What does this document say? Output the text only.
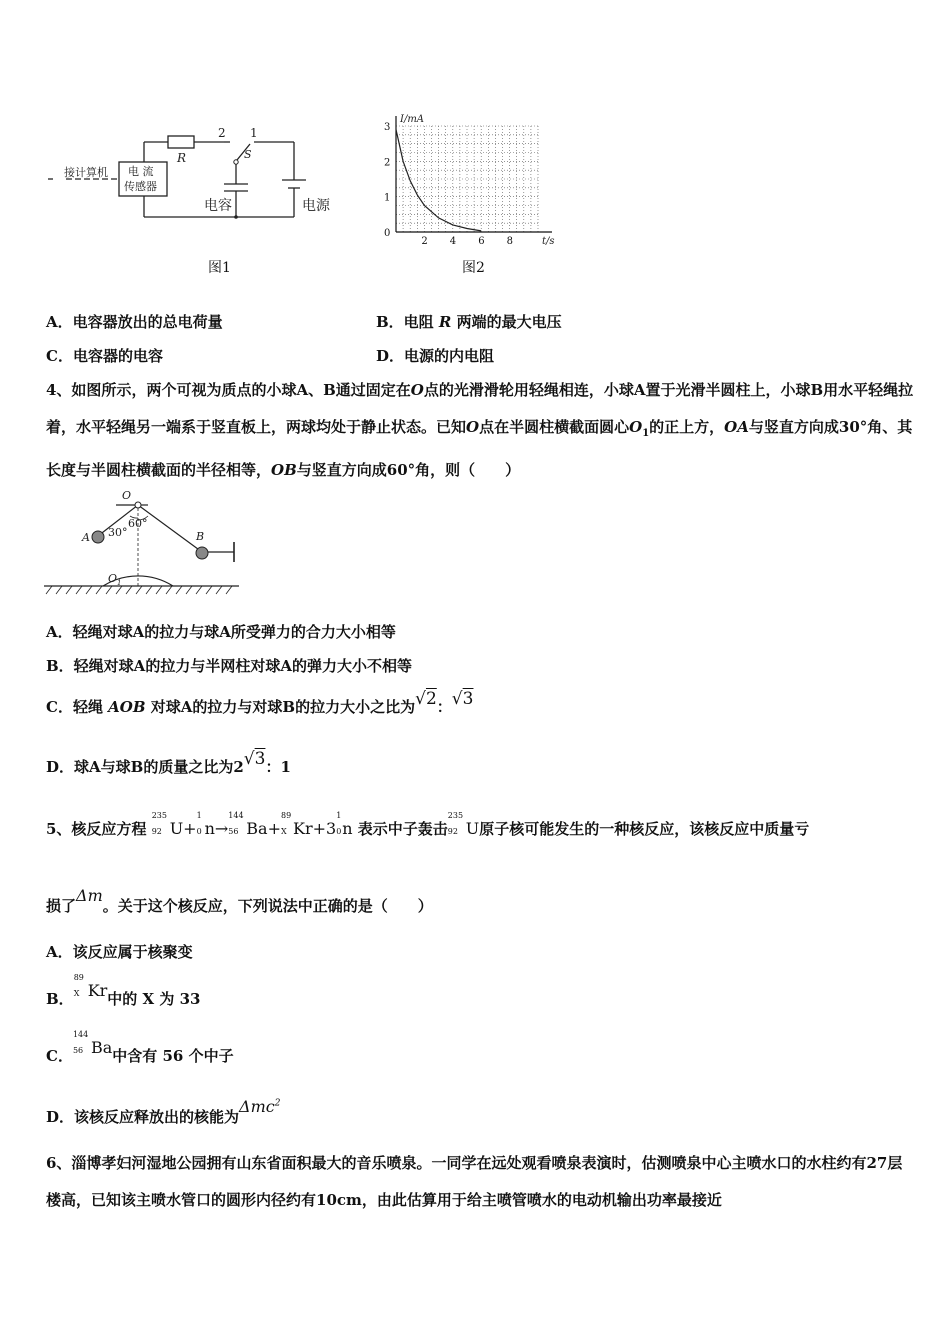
接计算机 电 流
传感器
R
2 1
S
电容	电源
图1
2 4 6 8
0
1
2
3
I/mA
t/s
图2
A．电容器放出的总电荷量	B．电阻 R 两端的最大电压
C．电容器的电容	D．电源的内电阻
4、如图所示，两个可视为质点的小球A、B通过固定在O点的光滑滑轮用轻绳相连，小球A置于光滑半圆柱上，小球B用水平轻绳拉着，水平轻绳另一端系于竖直板上，两球均处于静止状态。已知O点在半圆柱横截面圆心$O_1$的正上方，OA与竖直方向成30°角、其长度与半圆柱横截面的半径相等，OB与竖直方向成60°角，则（　　）
O
A	B
30°
60°
$O_1$
A．轻绳对球A的拉力与球A所受弹力的合力大小相等
B．轻绳对球A的拉力与半网柱对球A的弹力大小不相等
C．轻绳 AOB 对球A的拉力与对球B的拉力大小之比为√2：√3
D．球A与球B的质量之比为2√3：1
5、核反应方程
235
92 U+
1
0 n→
144
56 Ba+
89
X Kr+3
1
0 n 表示中子轰击
235
92 U原子核可能发生的一种核反应，该核反应中质量亏
损了Δm。关于这个核反应，下列说法中正确的是（　　）
A．该反应属于核聚变
B．
89
X Kr中的 X 为 33
C．
144
56 Ba中含有 56 个中子
D．该核反应释放出的核能为Δmc$^2$
6、淄博孝妇河湿地公园拥有山东省面积最大的音乐喷泉。一同学在远处观看喷泉表演时，估测喷泉中心主喷水口的水柱约有27层楼高，已知该主喷水管口的圆形内径约有10cm，由此估算用于给主喷管喷水的电动机输出功率最接近
